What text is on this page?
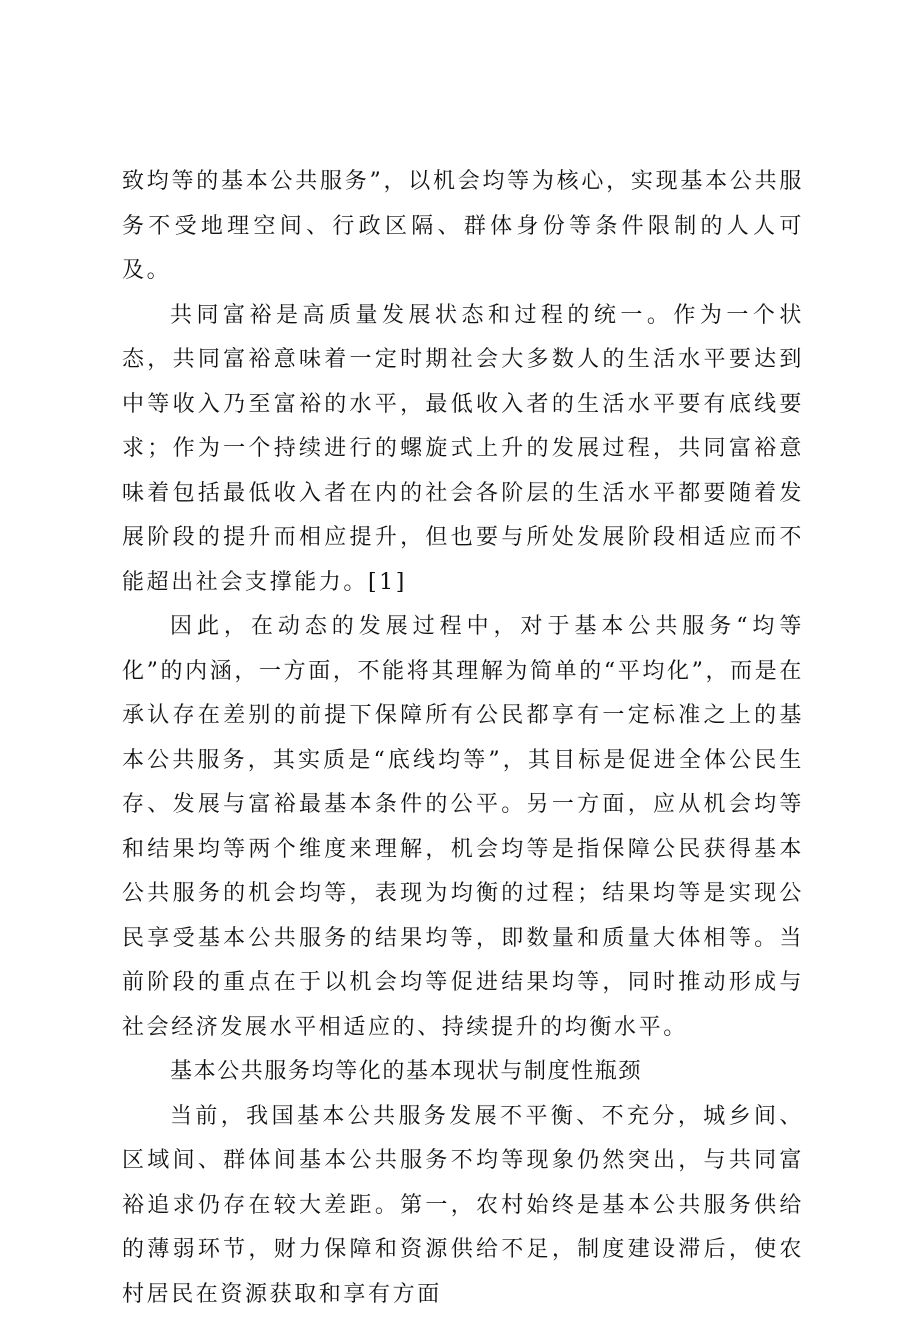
致均等的基本公共服务”，以机会均等为核心，实现基本公共服务不受地理空间、行政区隔、群体身份等条件限制的人人可及。

共同富裕是高质量发展状态和过程的统一。作为一个状态，共同富裕意味着一定时期社会大多数人的生活水平要达到中等收入乃至富裕的水平，最低收入者的生活水平要有底线要求；作为一个持续进行的螺旋式上升的发展过程，共同富裕意味着包括最低收入者在内的社会各阶层的生活水平都要随着发展阶段的提升而相应提升，但也要与所处发展阶段相适应而不能超出社会支撑能力。[1]

因此，在动态的发展过程中，对于基本公共服务“均等化”的内涵，一方面，不能将其理解为简单的“平均化”，而是在承认存在差别的前提下保障所有公民都享有一定标准之上的基本公共服务，其实质是“底线均等”，其目标是促进全体公民生存、发展与富裕最基本条件的公平。另一方面，应从机会均等和结果均等两个维度来理解，机会均等是指保障公民获得基本公共服务的机会均等，表现为均衡的过程；结果均等是实现公民享受基本公共服务的结果均等，即数量和质量大体相等。当前阶段的重点在于以机会均等促进结果均等，同时推动形成与社会经济发展水平相适应的、持续提升的均衡水平。

基本公共服务均等化的基本现状与制度性瓶颈

当前，我国基本公共服务发展不平衡、不充分，城乡间、区域间、群体间基本公共服务不均等现象仍然突出，与共同富裕追求仍存在较大差距。第一，农村始终是基本公共服务供给的薄弱环节，财力保障和资源供给不足，制度建设滞后，使农村居民在资源获取和享有方面
